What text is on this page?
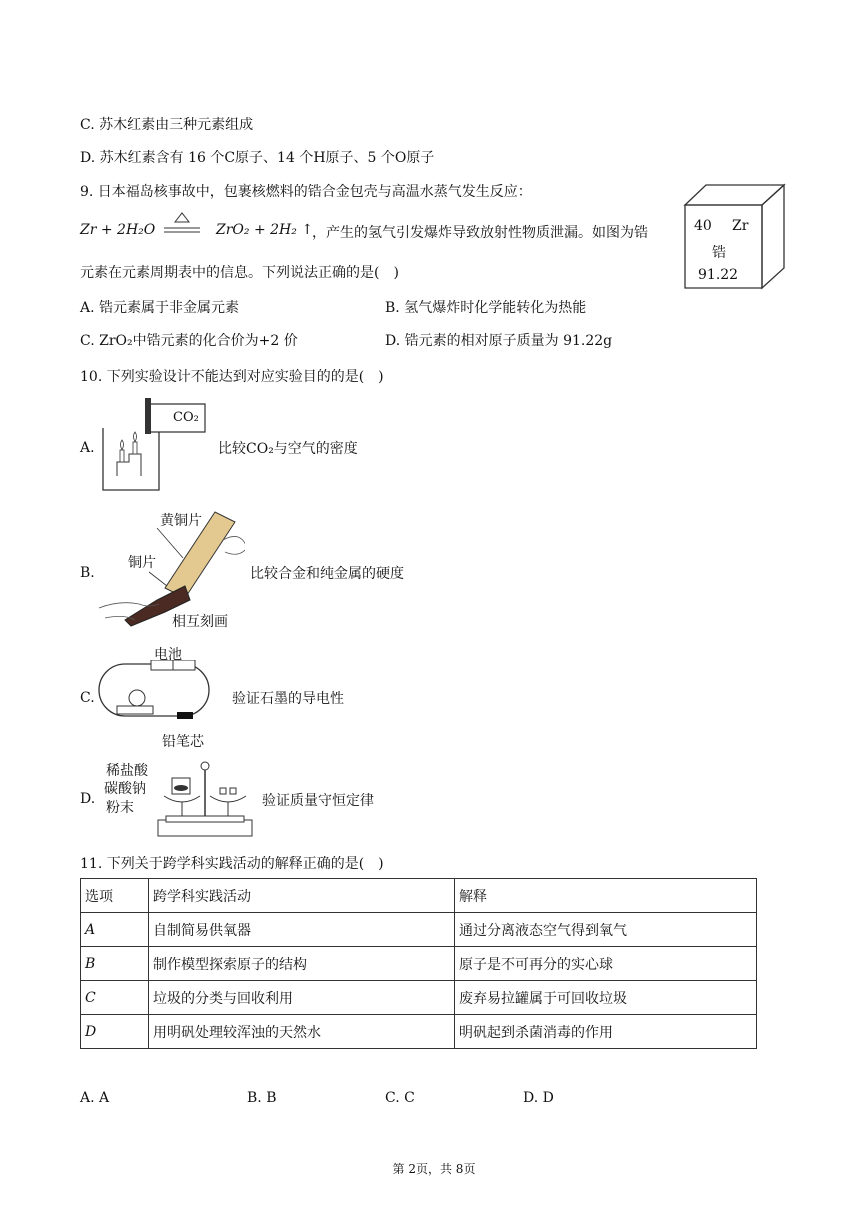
C. 苏木红素由三种元素组成
D. 苏木红素含有 16 个C原子、14 个H原子、5 个O原子
9. 日本福岛核事故中，包裹核燃料的锆合金包壳与高温水蒸气发生反应：
Zr + 2H₂O	ZrO₂ + 2H₂ ↑
，产生的氢气引发爆炸导致放射性物质泄漏。如图为锆
元素在元素周期表中的信息。下列说法正确的是(　)
A. 锆元素属于非金属元素	B. 氢气爆炸时化学能转化为热能
C. ZrO₂中锆元素的化合价为+2 价	D. 锆元素的相对原子质量为 91.22g
40 Zr
锆
91.22
10. 下列实验设计不能达到对应实验目的的是(　)
A.
CO₂
比较CO₂与空气的密度
B.
黄铜片
铜片
相互刻画
比较合金和纯金属的硬度
C.
电池
铅笔芯
验证石墨的导电性
D.
稀盐酸
碳酸钠
粉末	验证质量守恒定律
11. 下列关于跨学科实践活动的解释正确的是(　)
选项	跨学科实践活动	解释
A	自制简易供氧器	通过分离液态空气得到氧气
B	制作模型探索原子的结构	原子是不可再分的实心球
C	垃圾的分类与回收利用	废弃易拉罐属于可回收垃圾
D	用明矾处理较浑浊的天然水	明矾起到杀菌消毒的作用
A. A	B. B	C. C	D. D
第 2页，共 8页
